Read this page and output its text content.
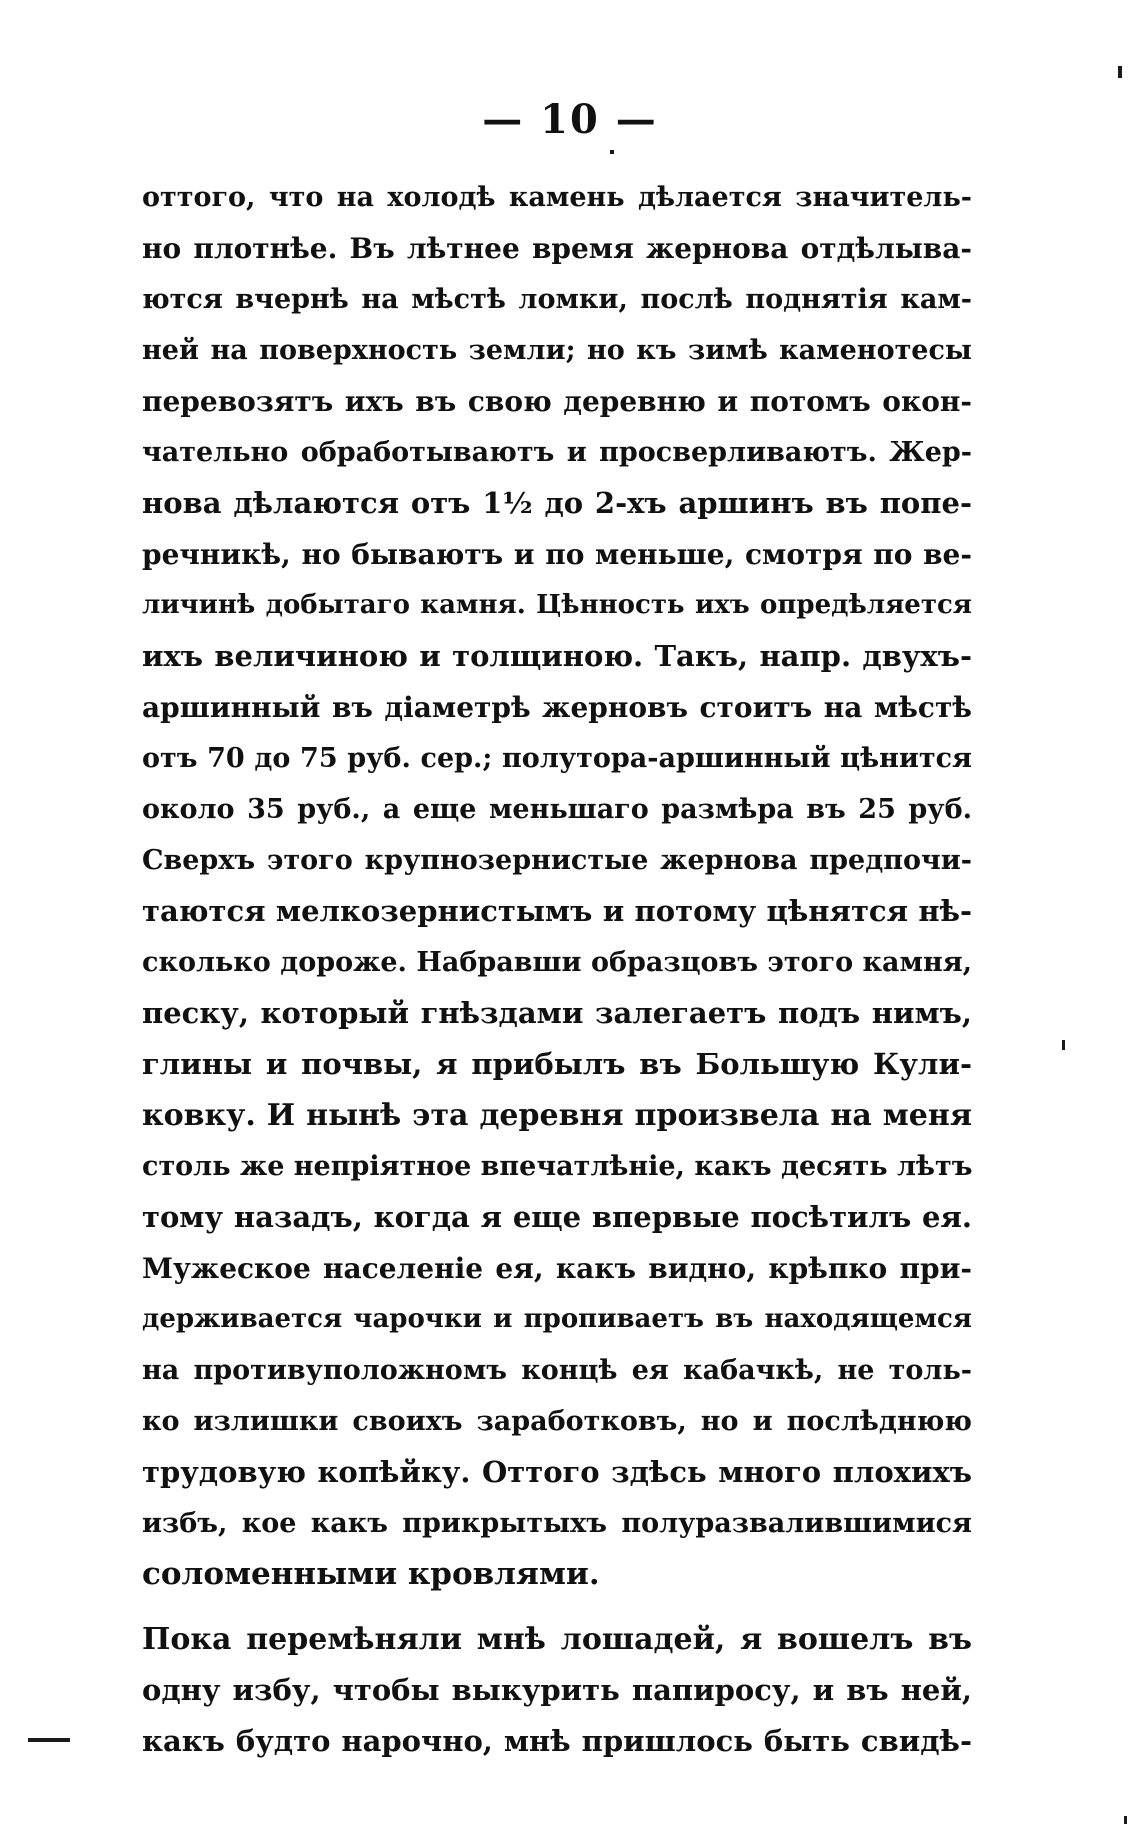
— 10 —
оттого, что на холодѣ камень дѣлается значитель-
но плотнѣе. Въ лѣтнее время жернова отдѣлыва-
ются вчернѣ на мѣстѣ ломки, послѣ поднятія кам-
ней на поверхность земли; но къ зимѣ каменотесы
перевозятъ ихъ въ свою деревню и потомъ окон-
чательно обработываютъ и просверливаютъ. Жер-
нова дѣлаются отъ 1½ до 2-хъ аршинъ въ попе-
речникѣ, но бываютъ и по меньше, смотря по ве-
личинѣ добытаго камня. Цѣнность ихъ опредѣляется
ихъ величиною и толщиною. Такъ, напр. двухъ-
аршинный въ діаметрѣ жерновъ стоитъ на мѣстѣ
отъ 70 до 75 руб. сер.; полутора-аршинный цѣнится
около 35 руб., а еще меньшаго размѣра въ 25 руб.
Сверхъ этого крупнозернистые жернова предпочи-
таются мелкозернистымъ и потому цѣнятся нѣ-
сколько дороже. Набравши образцовъ этого камня,
песку, который гнѣздами залегаетъ подъ нимъ,
глины и почвы, я прибылъ въ Большую Кули-
ковку. И нынѣ эта деревня произвела на меня
столь же непріятное впечатлѣніе, какъ десять лѣтъ
тому назадъ, когда я еще впервые посѣтилъ ея.
Мужеское населеніе ея, какъ видно, крѣпко при-
держивается чарочки и пропиваетъ въ находящемся
на противуположномъ концѣ ея кабачкѣ, не толь-
ко излишки своихъ заработковъ, но и послѣднюю
трудовую копѣйку. Оттого здѣсь много плохихъ
избъ, кое какъ прикрытыхъ полуразвалившимися
соломенными кровлями.
Пока перемѣняли мнѣ лошадей, я вошелъ въ
одну избу, чтобы выкурить папиросу, и въ ней,
какъ будто нарочно, мнѣ пришлось быть свидѣ-
